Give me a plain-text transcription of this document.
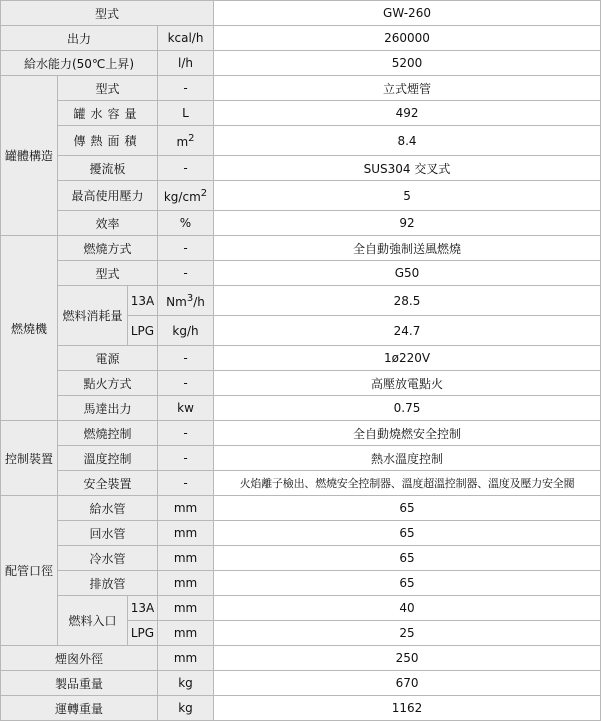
型式				GW-260
出力			kcal/h	260000
給水能力(50℃上昇)			l/h	5200
罐體構造	型式		-	立式煙管
	罐水容量		L	492
	傳熱面積		$m^2$	8.4
	擾流板		-	SUS304 交叉式
	最高使用壓力		$kg/cm^2$	5
	效率		%	92
燃燒機	燃燒方式		-	全自動強制送風燃燒
	型式		-	G50
	燃料消耗量	13A	Nm$^3$/h	28.5
		LPG	kg/h	24.7
	電源		-	1ø220V
	點火方式		-	高壓放電點火
	馬達出力		kw	0.75
控制裝置	燃燒控制		-	全自動燒燃安全控制
	溫度控制		-	熱水溫度控制
	安全裝置		-	火焰離子檢出、燃燒安全控制器、溫度超溫控制器、溫度及壓力安全閥
配管口徑	給水管		mm	65
	回水管		mm	65
	冷水管		mm	65
	排放管		mm	65
	燃料入口	13A	mm	40
		LPG	mm	25
煙囪外徑			mm	250
製品重量			kg	670
運轉重量			kg	1162
